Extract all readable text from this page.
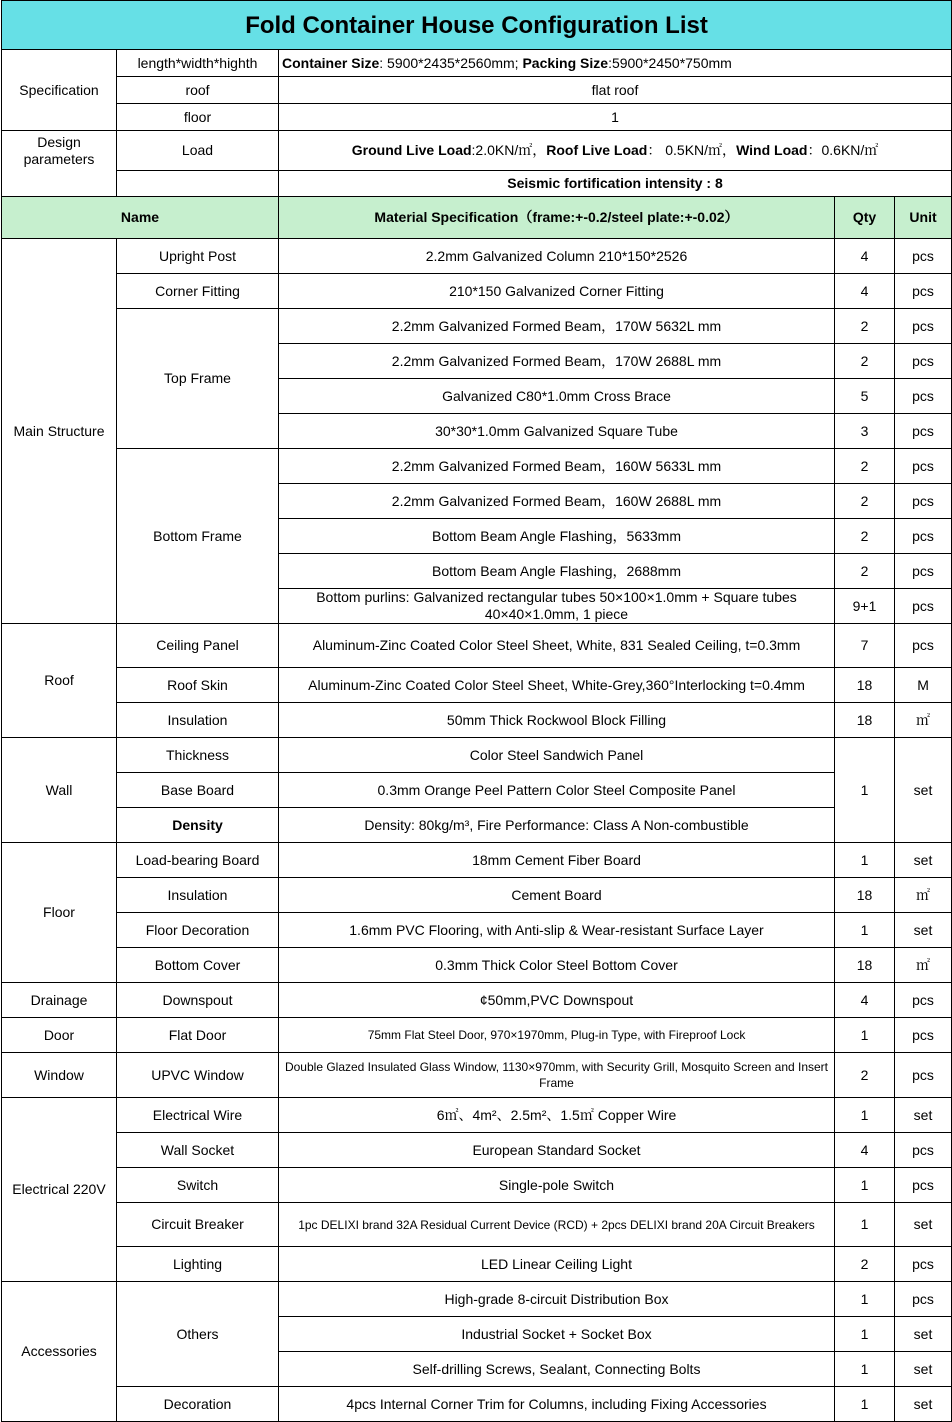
Fold Container House Configuration List				
Specification	length*width*highth	Container Size: 5900*2435*2560mm; Packing Size:5900*2450*750mm		
	roof	flat roof		
	floor	1		
Design parameters	Load	Ground Live Load:2.0KN/㎡，Roof Live Load： 0.5KN/㎡，Wind Load：0.6KN/㎡		
		Seismic fortification intensity : 8		
Name		Material Specification（frame:+-0.2/steel plate:+-0.02）	Qty	Unit
Main Structure	Upright Post	2.2mm Galvanized Column 210*150*2526	4	pcs
	Corner Fitting	210*150 Galvanized Corner Fitting	4	pcs
	Top Frame	2.2mm Galvanized Formed Beam，170W 5632L mm	2	pcs
		2.2mm Galvanized Formed Beam，170W 2688L mm	2	pcs
		Galvanized C80*1.0mm Cross Brace	5	pcs
		30*30*1.0mm Galvanized Square Tube	3	pcs
	Bottom Frame	2.2mm Galvanized Formed Beam，160W 5633L mm	2	pcs
		2.2mm Galvanized Formed Beam，160W 2688L mm	2	pcs
		Bottom Beam Angle Flashing，5633mm	2	pcs
		Bottom Beam Angle Flashing，2688mm	2	pcs
		Bottom purlins: Galvanized rectangular tubes 50×100×1.0mm + Square tubes 40×40×1.0mm, 1 piece	9+1	pcs
Roof	Ceiling Panel	Aluminum-Zinc Coated Color Steel Sheet, White, 831 Sealed Ceiling, t=0.3mm	7	pcs
	Roof Skin	Aluminum-Zinc Coated Color Steel Sheet, White-Grey,360°Interlocking t=0.4mm	18	M
	Insulation	50mm Thick Rockwool Block Filling	18	㎡
Wall	Thickness	Color Steel Sandwich Panel	1	set
	Base Board	0.3mm Orange Peel Pattern Color Steel Composite Panel		
	Density	Density: 80kg/m³, Fire Performance: Class A Non-combustible		
Floor	Load-bearing Board	18mm Cement Fiber Board	1	set
	Insulation	Cement Board	18	㎡
	Floor Decoration	1.6mm PVC Flooring, with Anti-slip & Wear-resistant Surface Layer	1	set
	Bottom Cover	0.3mm Thick Color Steel Bottom Cover	18	㎡
Drainage	Downspout	¢50mm,PVC Downspout	4	pcs
Door	Flat Door	75mm Flat Steel Door, 970×1970mm, Plug-in Type, with Fireproof Lock	1	pcs
Window	UPVC Window	Double Glazed Insulated Glass Window, 1130×970mm, with Security Grill, Mosquito Screen and Insert Frame	2	pcs
Electrical 220V	Electrical Wire	6㎡、4m²、2.5m²、1.5㎡ Copper Wire	1	set
	Wall Socket	European Standard Socket	4	pcs
	Switch	Single-pole Switch	1	pcs
	Circuit Breaker	1pc DELIXI brand 32A Residual Current Device (RCD) + 2pcs DELIXI brand 20A Circuit Breakers	1	set
	Lighting	LED Linear Ceiling Light	2	pcs
Accessories	Others	High-grade 8-circuit Distribution Box	1	pcs
		Industrial Socket + Socket Box	1	set
		Self-drilling Screws, Sealant, Connecting Bolts	1	set
	Decoration	4pcs Internal Corner Trim for Columns, including Fixing Accessories	1	set
